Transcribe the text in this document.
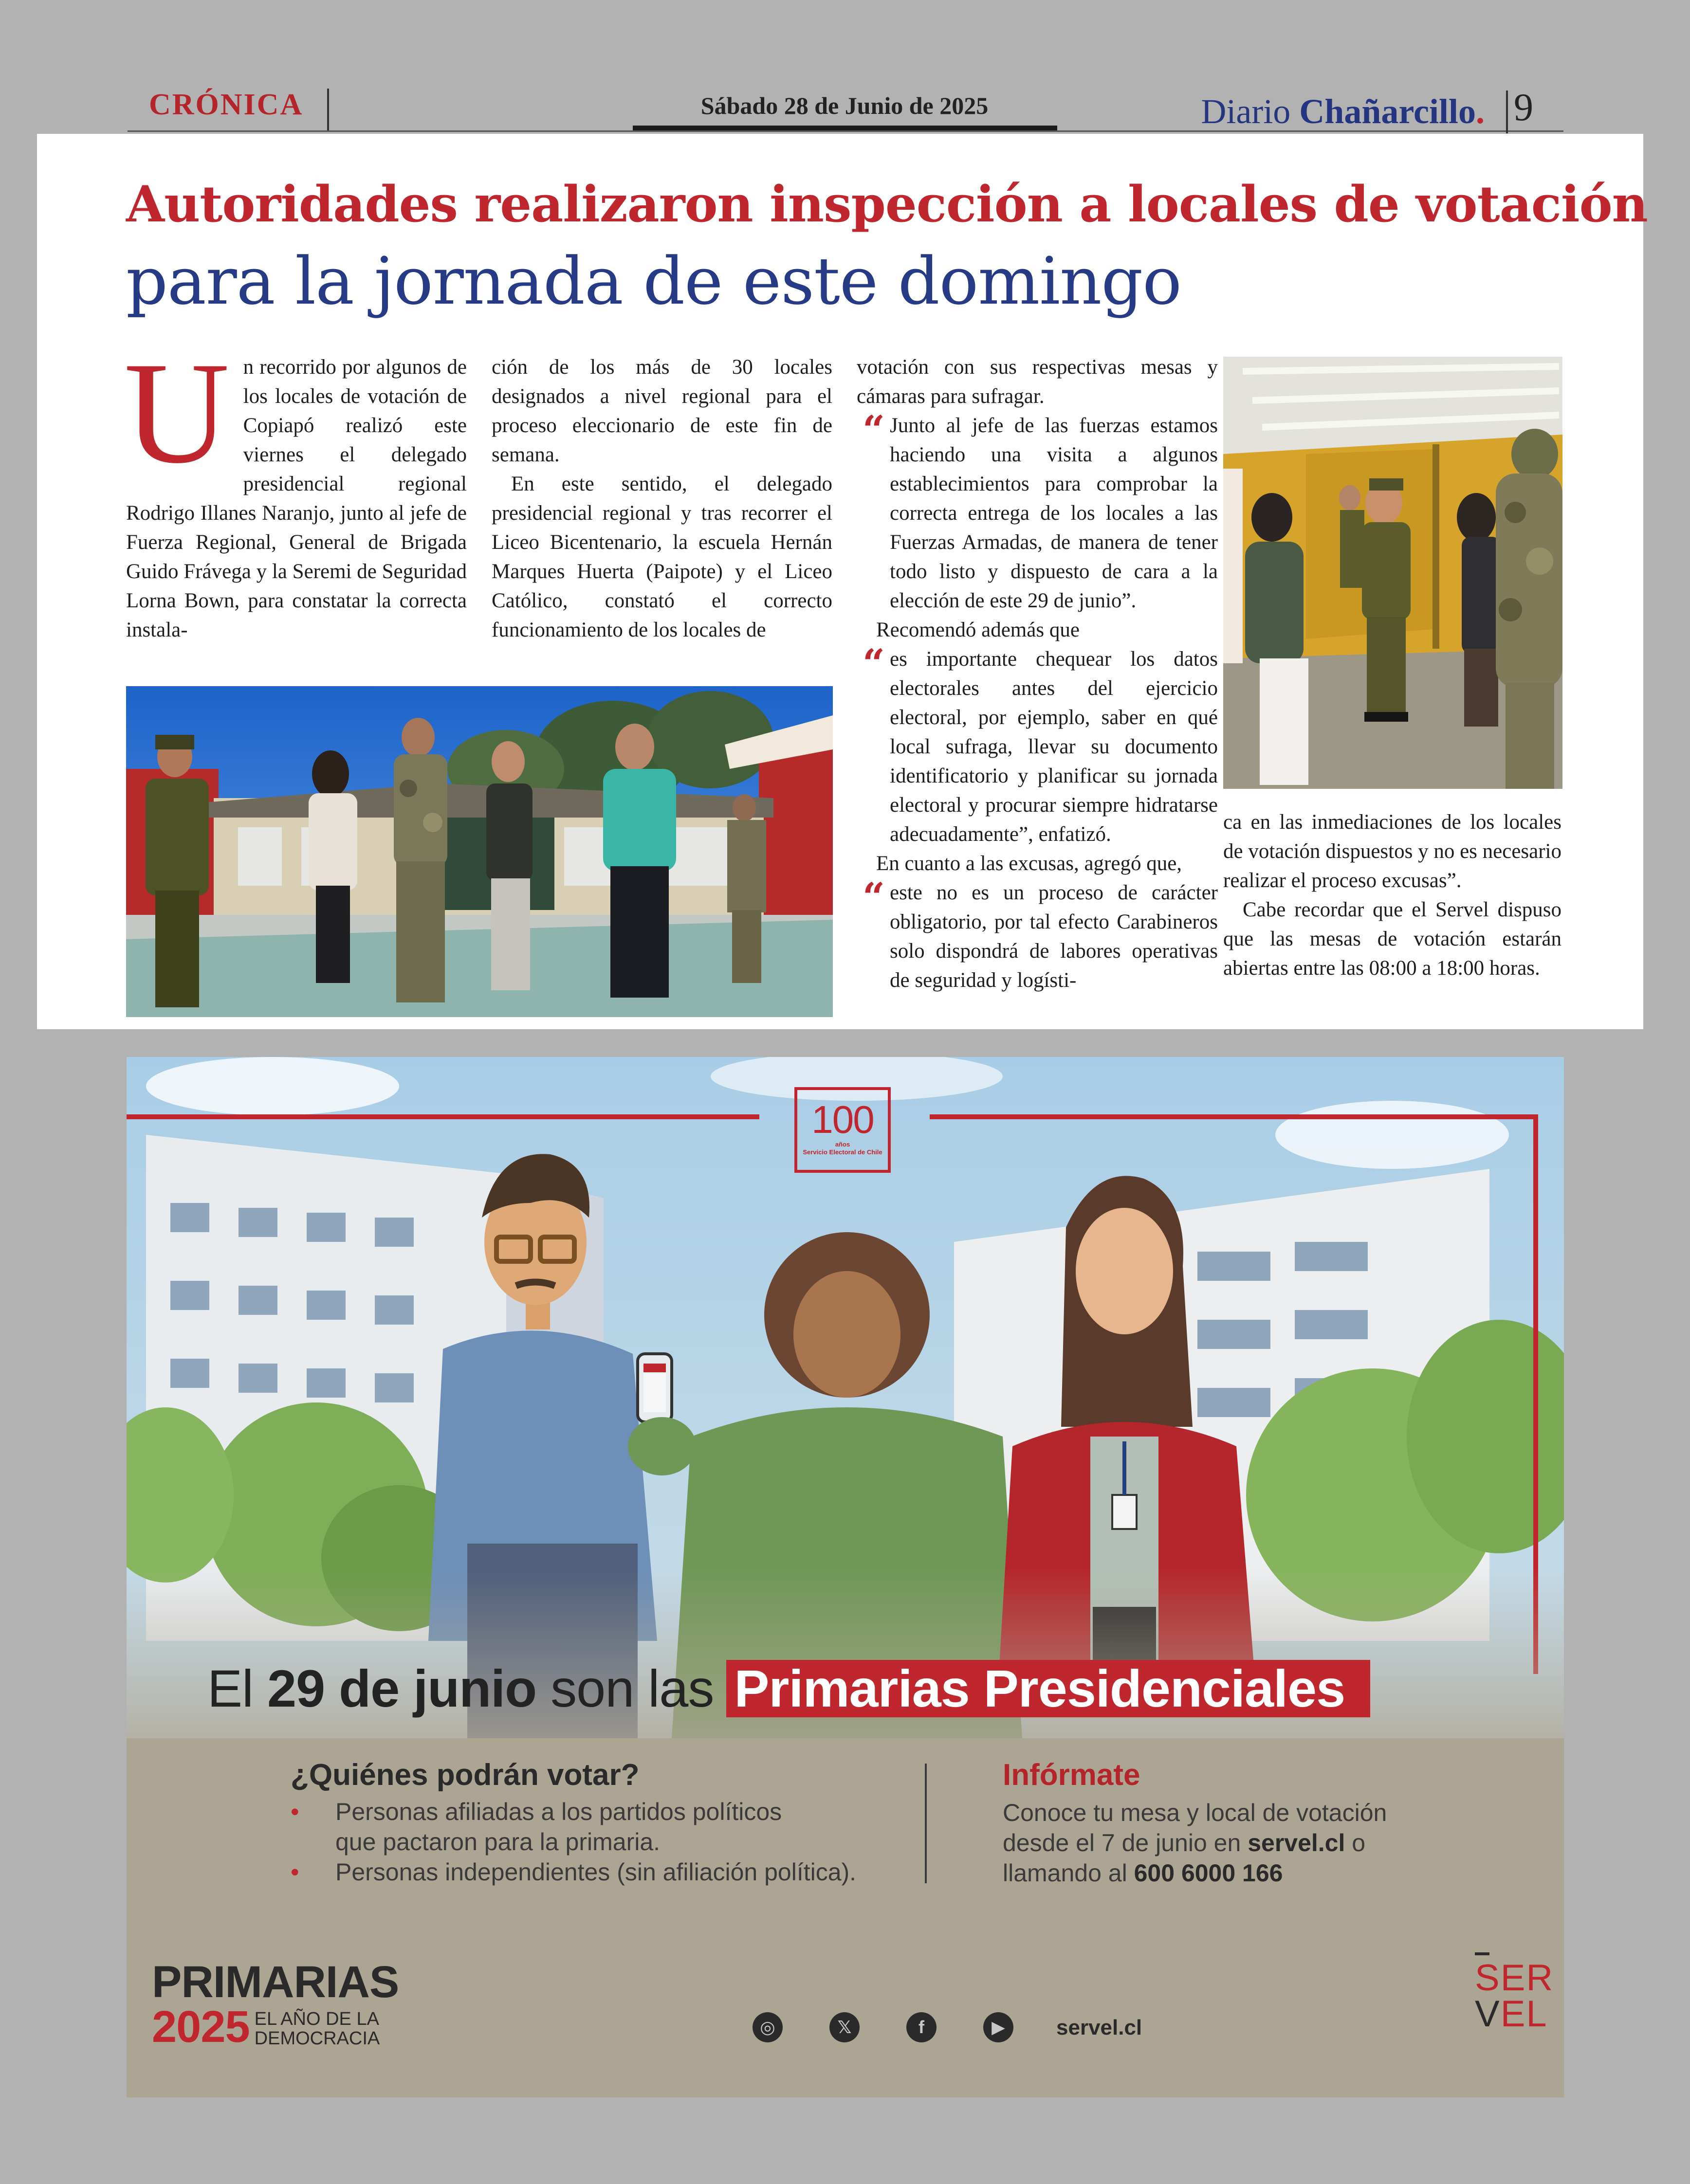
CRÓNICA	Sábado 28 de Junio de 2025	Diario Chañarcillo. 9
Autoridades realizaron inspección a locales de votación
para la jornada de este domingo
U n recorrido por algunos de los locales de votación de Copiapó realizó este viernes el delegado presidencial regional Rodrigo Illanes Naranjo, junto al jefe de Fuerza Regional, General de Brigada Guido Frávega y la Seremi de Seguridad Lorna Bown, para constatar la correcta instala-

ción de los más de 30 locales designados a nivel regional para el proceso eleccionario de este fin de semana.

En este sentido, el delegado presidencial regional y tras recorrer el Liceo Bicentenario, la escuela Hernán Marques Huerta (Paipote) y el Liceo Católico, constató el correcto funcionamiento de los locales de

votación con sus respectivas mesas y cámaras para sufragar.

“ Junto al jefe de las fuerzas estamos haciendo una visita a algunos establecimientos para comprobar la correcta entrega de los locales a las Fuerzas Armadas, de manera de tener todo listo y dispuesto de cara a la elección de este 29 de junio”.

Recomendó además que

“ es importante chequear los datos electorales antes del ejercicio electoral, por ejemplo, saber en qué local sufraga, llevar su documento identificatorio y planificar su jornada electoral y procurar siempre hidratarse adecuadamente”, enfatizó.

En cuanto a las excusas, agregó que,

“ este no es un proceso de carácter obligatorio, por tal efecto Carabineros solo dispondrá de labores operativas de seguridad y logísti-

ca en las inmediaciones de los locales de votación dispuestos y no es necesario realizar el proceso excusas”.

Cabe recordar que el Servel dispuso que las mesas de votación estarán abiertas entre las 08:00 a 18:00 horas.

100
años
Servicio Electoral de Chile
El 29 de junio son las Primarias Presidenciales
¿Quiénes podrán votar?
• Personas afiliadas a los partidos políticos
que pactaron para la primaria.
• Personas independientes (sin afiliación política).
Infórmate
Conoce tu mesa y local de votación
desde el 7 de junio en servel.cl o
llamando al 600 6000 166
PRIMARIAS
2025 EL AÑO DE LA
DEMOCRACIA
◎	𝕏	f	▶	servel.cl
SER
VEL
